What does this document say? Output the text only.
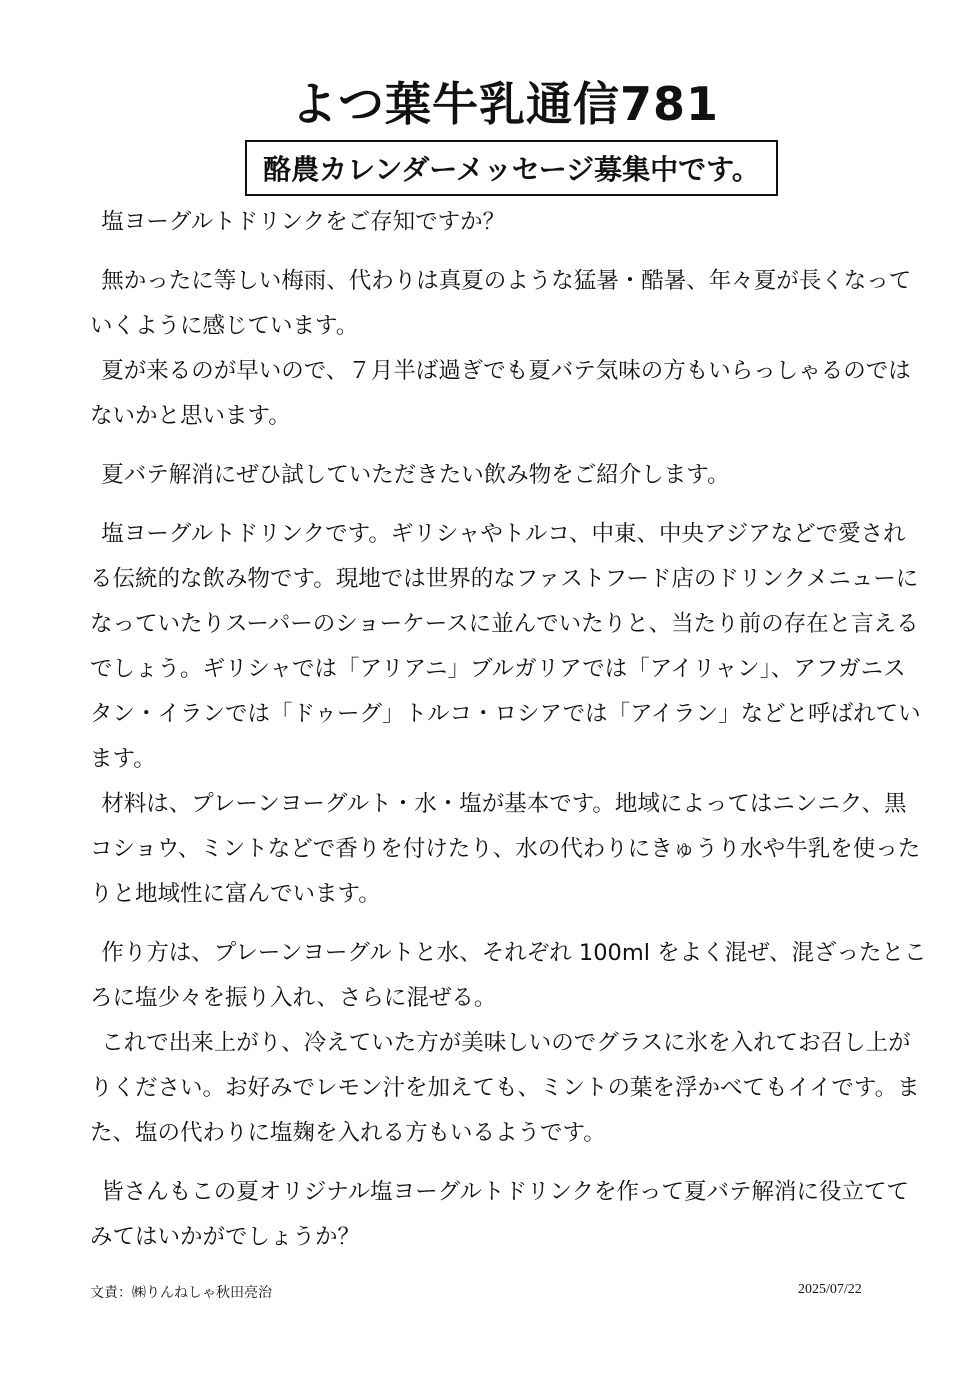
よつ葉牛乳通信781
酪農カレンダーメッセージ募集中です。

塩ヨーグルトドリンクをご存知ですか？

無かったに等しい梅雨、代わりは真夏のような猛暑・酷暑、年々夏が長くなっていくように感じています。

夏が来るのが早いので、７月半ば過ぎでも夏バテ気味の方もいらっしゃるのではないかと思います。

夏バテ解消にぜひ試していただきたい飲み物をご紹介します。

塩ヨーグルトドリンクです。ギリシャやトルコ、中東、中央アジアなどで愛される伝統的な飲み物です。現地では世界的なファストフード店のドリンクメニューになっていたりスーパーのショーケースに並んでいたりと、当たり前の存在と言えるでしょう。ギリシャでは「アリアニ」ブルガリアでは「アイリャン」、アフガニスタン・イランでは「ドゥーグ」トルコ・ロシアでは「アイラン」などと呼ばれています。

材料は、プレーンヨーグルト・水・塩が基本です。地域によってはニンニク、黒コショウ、ミントなどで香りを付けたり、水の代わりにきゅうり水や牛乳を使ったりと地域性に富んでいます。

作り方は、プレーンヨーグルトと水、それぞれ 100ml をよく混ぜ、混ざったところに塩少々を振り入れ、さらに混ぜる。

これで出来上がり、冷えていた方が美味しいのでグラスに氷を入れてお召し上がりください。お好みでレモン汁を加えても、ミントの葉を浮かべてもイイです。また、塩の代わりに塩麹を入れる方もいるようです。

皆さんもこの夏オリジナル塩ヨーグルトドリンクを作って夏バテ解消に役立ててみてはいかがでしょうか？

文責：㈱りんねしゃ秋田亮治	2025/07/22
